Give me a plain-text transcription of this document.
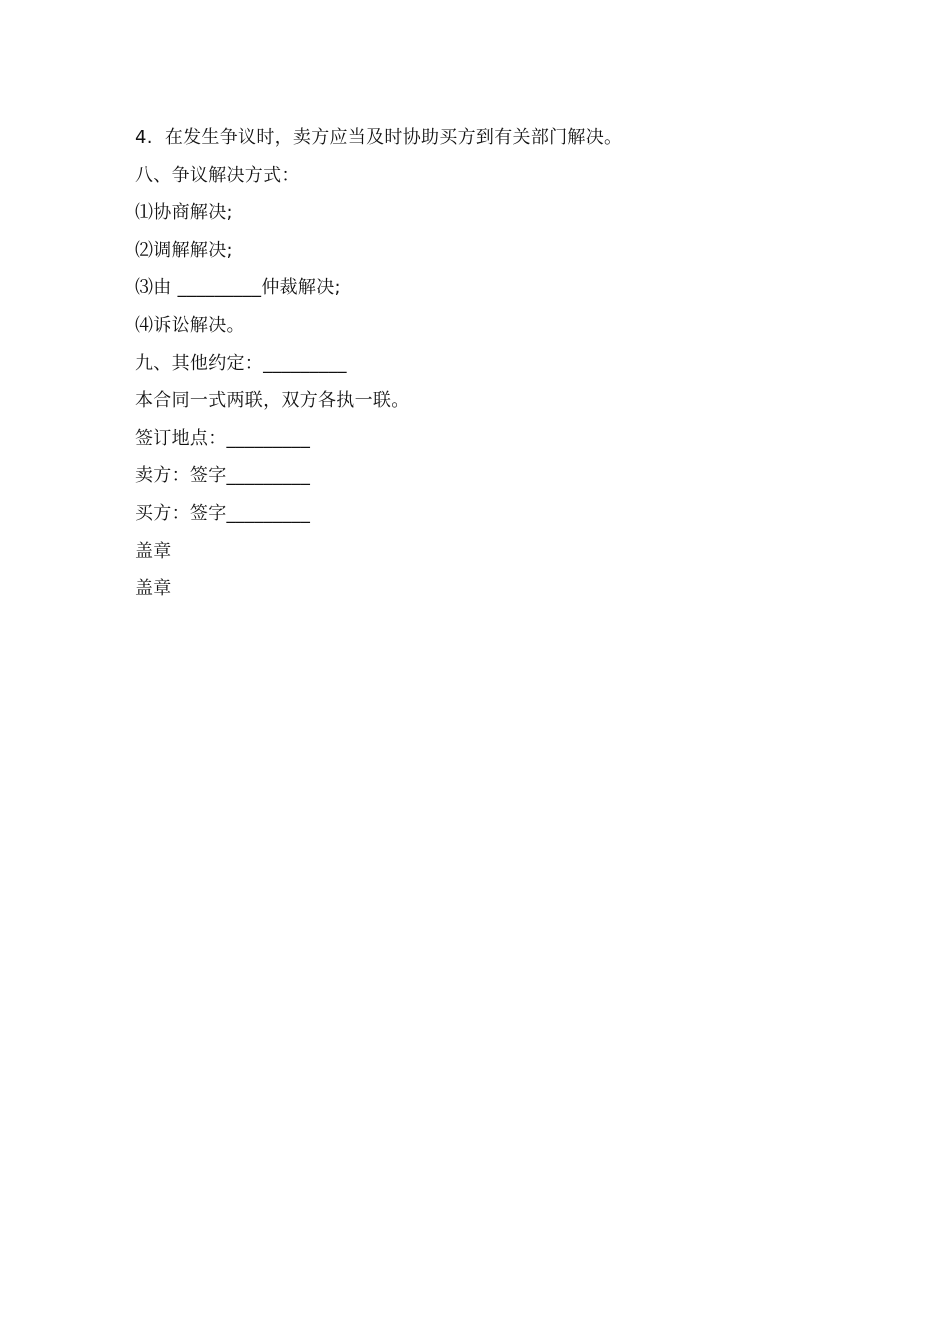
4.  在发生争议时，卖方应当及时协助买方到有关部门解决。
八、争议解决方式：
⑴协商解决;
⑵调解解决;
⑶由 _________仲裁解决;
⑷诉讼解决。
九、其他约定：_________
本合同一式两联，双方各执一联。
签订地点：_________
卖方：签字_________
买方：签字_________
盖章
盖章
